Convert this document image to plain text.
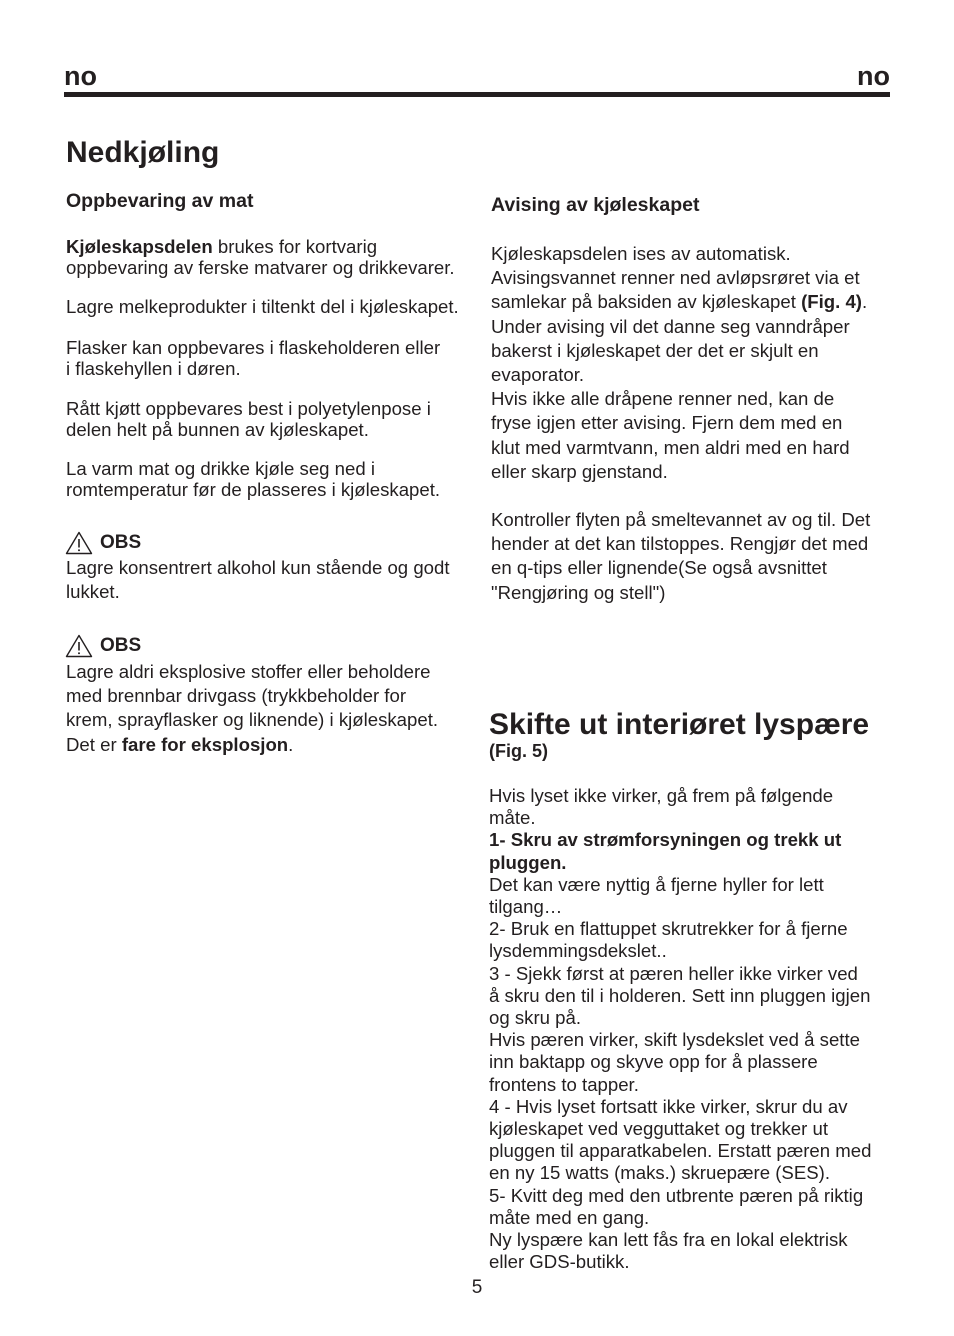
no	no
Nedkjøling
Oppbevaring av mat
Kjøleskapsdelen brukes for kortvarig
oppbevaring av ferske matvarer og drikkevarer.
Lagre melkeprodukter i tiltenkt del i kjøleskapet.
Flasker kan oppbevares i flaskeholderen eller
i flaskehyllen i døren.
Rått kjøtt oppbevares best i polyetylenpose i
delen helt på bunnen av kjøleskapet.
La varm mat og drikke kjøle seg ned i
romtemperatur før de plasseres i kjøleskapet.
OBS
Lagre konsentrert alkohol kun stående og godt
lukket.
OBS
Lagre aldri eksplosive stoffer eller beholdere
med brennbar drivgass (trykkbeholder for
krem, sprayflasker og liknende) i kjøleskapet.
Det er fare for eksplosjon.
Avising av kjøleskapet
Kjøleskapsdelen ises av automatisk.
Avisingsvannet renner ned avløpsrøret via et
samlekar på baksiden av kjøleskapet (Fig. 4).
Under avising vil det danne seg vanndråper
bakerst i kjøleskapet der det er skjult en
evaporator.
Hvis ikke alle dråpene renner ned, kan de
fryse igjen etter avising. Fjern dem med en
klut med varmtvann, men aldri med en hard
eller skarp gjenstand.
Kontroller flyten på smeltevannet av og til. Det
hender at det kan tilstoppes. Rengjør det med
en q-tips eller lignende(Se også avsnittet
"Rengjøring og stell")
Skifte ut interiøret lyspære
(Fig. 5)
Hvis lyset ikke virker, gå frem på følgende
måte.
1- Skru av strømforsyningen og trekk ut
pluggen.
Det kan være nyttig å fjerne hyller for lett
tilgang…
2- Bruk en flattuppet skrutrekker for å fjerne
lysdemmingsdekslet..
3 - Sjekk først at pæren heller ikke virker ved
å skru den til i holderen. Sett inn pluggen igjen
og skru på.
Hvis pæren virker, skift lysdekslet ved å sette
inn baktapp og skyve opp for å plassere
frontens to tapper.
4 - Hvis lyset fortsatt ikke virker, skrur du av
kjøleskapet ved vegguttaket og trekker ut
pluggen til apparatkabelen. Erstatt pæren med
en ny 15 watts (maks.) skruepære (SES).
5- Kvitt deg med den utbrente pæren på riktig
måte med en gang.
Ny lyspære kan lett fås fra en lokal elektrisk
eller GDS-butikk.
5
